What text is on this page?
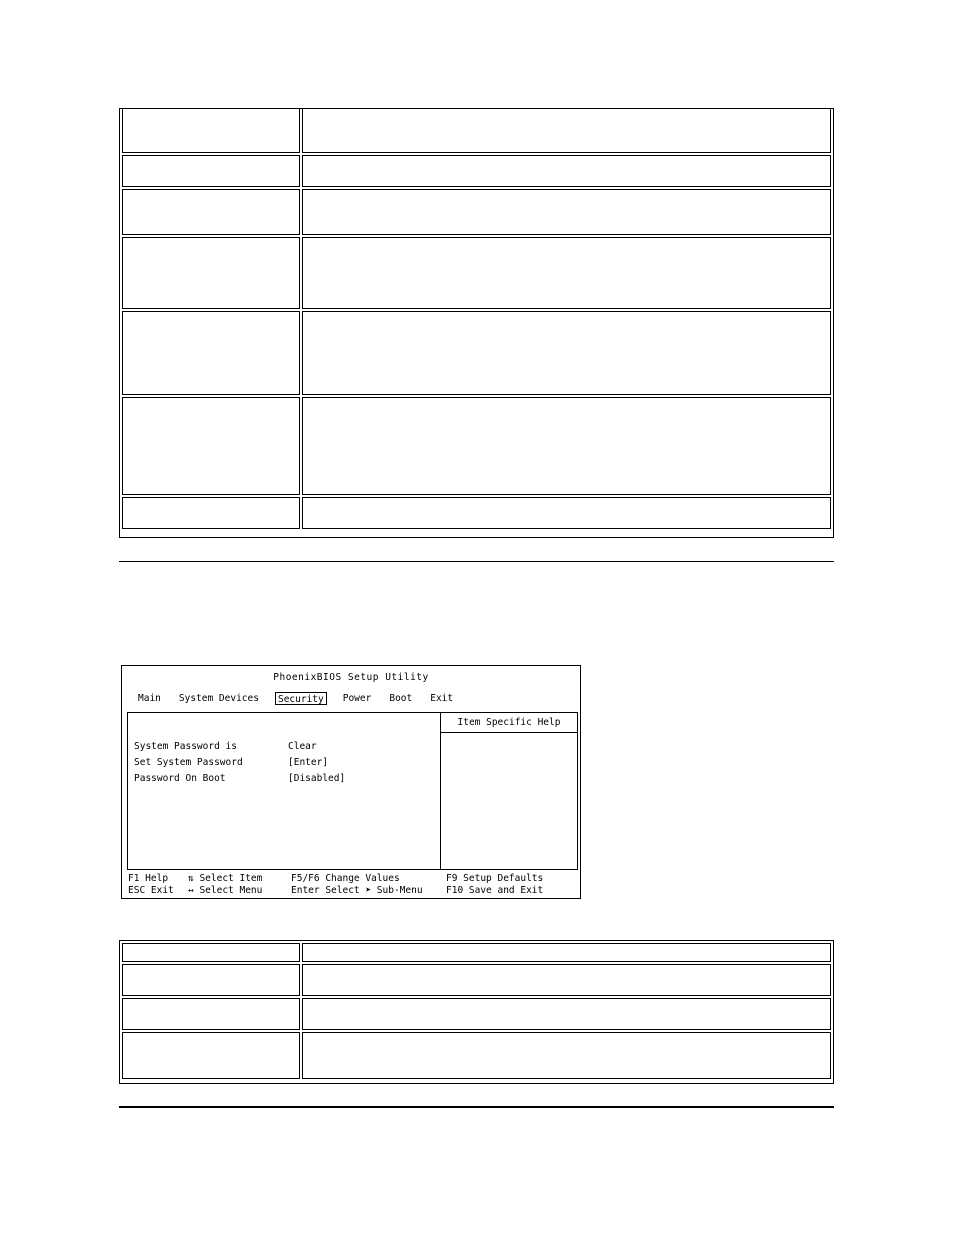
PhoenixBIOS Setup Utility
Main System Devices	Security	Power Boot Exit
System Password is	Clear
Set System Password	[Enter]
Password On Boot	[Disabled]
Item Specific Help
F1 Help ⇅ Select Item	F5/F6 Change Values	F9 Setup Defaults
ESC Exit ↔ Select Menu	Enter Select ➤ Sub-Menu F10 Save and Exit
